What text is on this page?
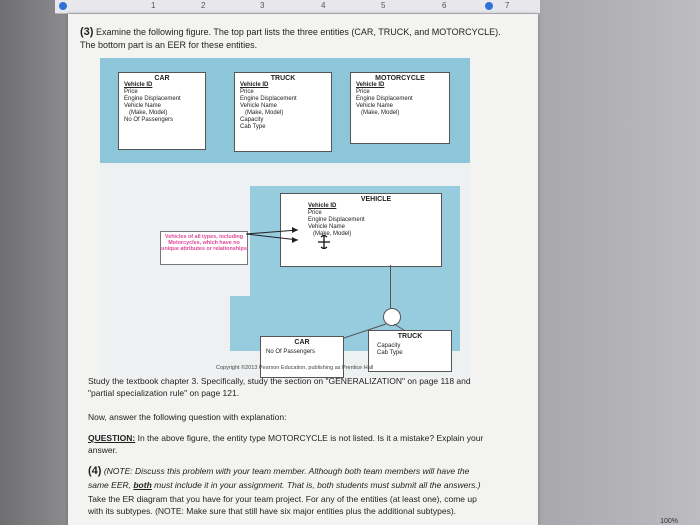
1	2	3	4	5	6	7
(3) Examine the following figure. The top part lists the three entities (CAR, TRUCK, and MOTORCYCLE).
The bottom part is an EER for these entities.
CAR
Vehicle ID
Price
Engine Displacement
Vehicle Name
(Make, Model)
No Of Passengers
TRUCK
Vehicle ID
Price
Engine Displacement
Vehicle Name
(Make, Model)
Capacity
Cab Type
MOTORCYCLE
Vehicle ID
Price
Engine Displacement
Vehicle Name
(Make, Model)
Vehicles of all types, including Motorcycles, which have no unique attributes or relationships
VEHICLE
Vehicle ID
Price
Engine Displacement
Vehicle Name
(Make, Model)
CAR
No Of Passengers
TRUCK
Capacity
Cab Type
Copyright ©2013 Pearson Education, publishing as Prentice Hall
Study the textbook chapter 3. Specifically, study the section on "GENERALIZATION" on page 118 and
"partial specialization rule" on page 121.
Now, answer the following question with explanation:
QUESTION: In the above figure, the entity type MOTORCYCLE is not listed. Is it a mistake? Explain your
answer.
(4) (NOTE: Discuss this problem with your team member. Although both team members will have the
same EER, both must include it in your assignment. That is, both students must submit all the answers.)
Take the ER diagram that you have for your team project. For any of the entities (at least one), come up
with its subtypes. (NOTE: Make sure that still have six major entities plus the additional subtypes).
100%
